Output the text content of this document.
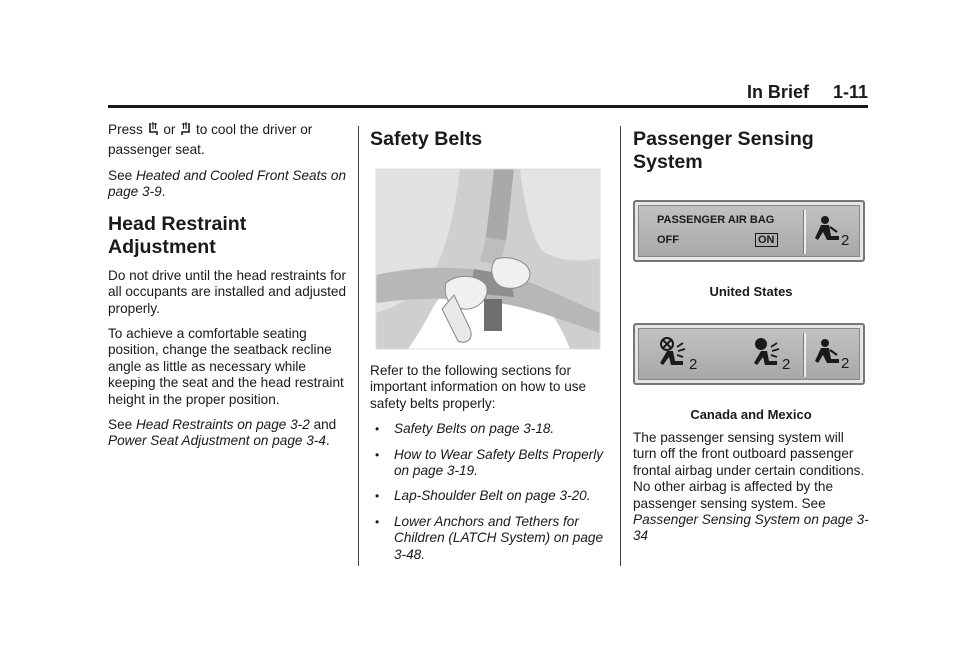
In Brief 1-11

Press or to cool the driver or passenger seat.

See Heated and Cooled Front Seats on page 3-9.

Head Restraint Adjustment

Do not drive until the head restraints for all occupants are installed and adjusted properly.

To achieve a comfortable seating position, change the seatback recline angle as little as necessary while keeping the seat and the head restraint height in the proper position.

See Head Restraints on page 3-2 and Power Seat Adjustment on page 3-4.

Safety Belts

Refer to the following sections for important information on how to use safety belts properly:

• Safety Belts on page 3-18.
• How to Wear Safety Belts Properly on page 3-19.
• Lap-Shoulder Belt on page 3-20.
• Lower Anchors and Tethers for Children (LATCH System) on page 3-48.
Passenger Sensing System
PASSENGER AIR BAG
OFF	ON	2
United States
2	2	2
Canada and Mexico

The passenger sensing system will turn off the front outboard passenger frontal airbag under certain conditions. No other airbag is affected by the passenger sensing system. See Passenger Sensing System on page 3-34
